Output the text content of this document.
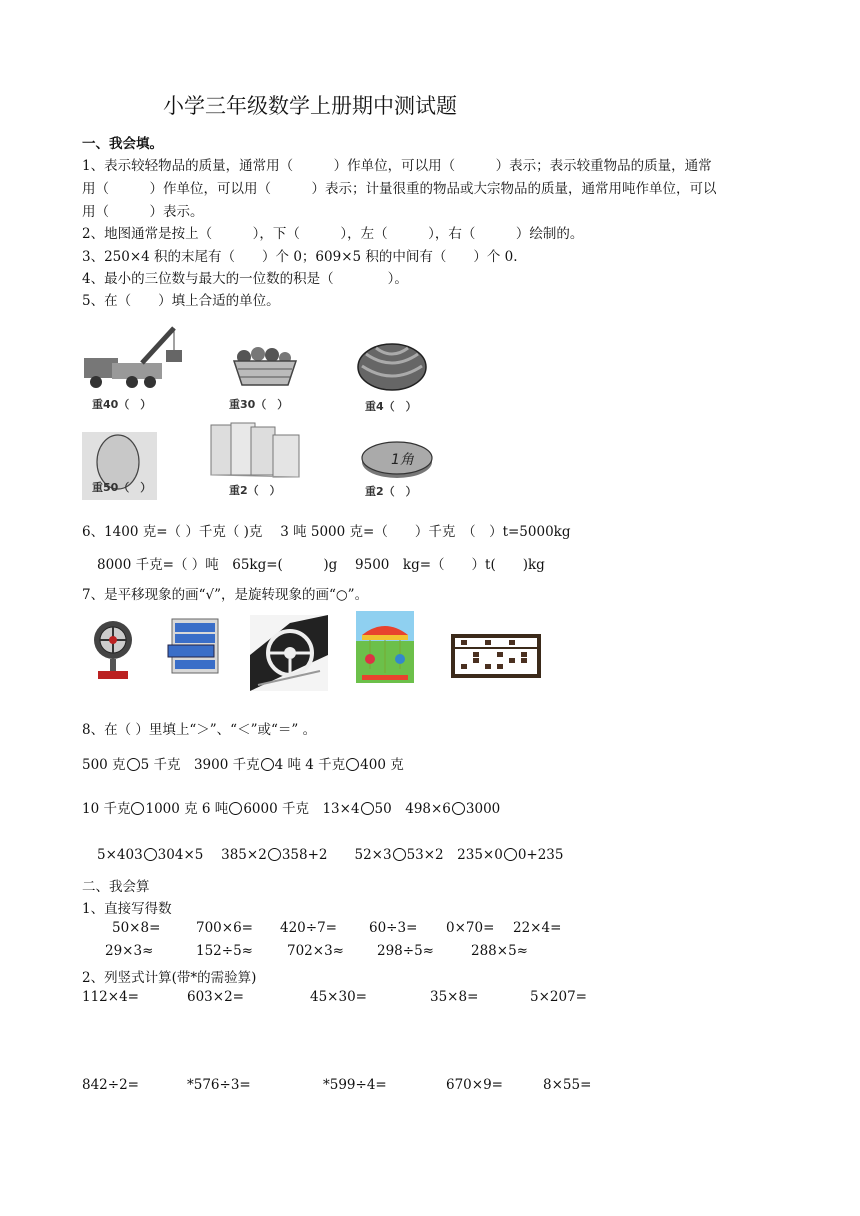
小学三年级数学上册期中测试题
一、我会填。
1、表示较轻物品的质量，通常用（　　　）作单位，可以用（　　　）表示；表示较重物品的质量，通常
用（　　　）作单位，可以用（　　　）表示；计量很重的物品或大宗物品的质量，通常用吨作单位，可以
用（　　　）表示。
2、地图通常是按上（　　　），下（　　　），左（　　　），右（　　　）绘制的。
3、250×4 积的末尾有（　　）个 0；609×5 积的中间有（　　）个 0.
4、最小的三位数与最大的一位数的积是（　　　　）。
5、在（　　）填上合适的单位。
重40（　）	重30（　）	重4（　）
重50（　）	重2（　）
1角
重2（　）
6、1400 克=（ ）千克（ )克　 3 吨 5000 克=（　　）千克　（　）t=5000kg
8000 千克=（ ）吨　65kg=(　　　)g　 9500　kg=（　　）t(　　)kg
7、是平移现象的画“√”，是旋转现象的画“○”。
8、在（ ）里填上“＞”、“＜”或“＝” 。
500 克 5 千克　3900 千克 4 吨 4 千克 400 克
10 千克 1000 克 6 吨 6000 千克　13×4 50　498×6 3000
5×403 304×5　 385×2 358+2　　52×3 53×2　235×0 0+235
二、我会算
1、直接写得数
50×8=	700×6= 420÷7= 60÷3= 0×70= 22×4=
29×3≈	152÷5≈	702×3≈ 298÷5≈	288×5≈
2、列竖式计算(带*的需验算)
112×4=	603×2=	45×30=	35×8=	5×207=
842÷2=	*576÷3=	*599÷4=	670×9=	8×55=
